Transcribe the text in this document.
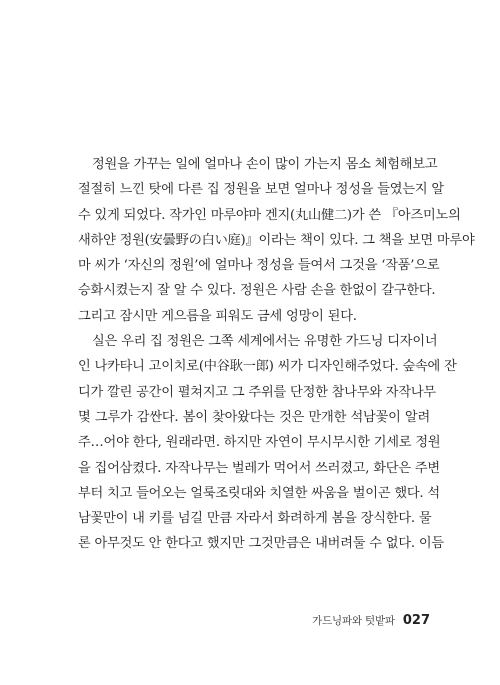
정원을 가꾸는 일에 얼마나 손이 많이 가는지 몸소 체험해보고
절절히 느낀 탓에 다른 집 정원을 보면 얼마나 정성을 들였는지 알
수 있게 되었다. 작가인 마루야마 겐지(丸山健二)가 쓴 『아즈미노의
새하얀 정원(安曇野の白い庭)』이라는 책이 있다. 그 책을 보면 마루야
마 씨가 ‘자신의 정원’에 얼마나 정성을 들여서 그것을 ‘작품’으로
승화시켰는지 잘 알 수 있다. 정원은 사람 손을 한없이 갈구한다.
그리고 잠시만 게으름을 피워도 금세 엉망이 된다.
실은 우리 집 정원은 그쪽 세계에서는 유명한 가드닝 디자이너
인 나카타니 고이치로(中谷耿一郎) 씨가 디자인해주었다. 숲속에 잔
디가 깔린 공간이 펼쳐지고 그 주위를 단정한 참나무와 자작나무
몇 그루가 감싼다. 봄이 찾아왔다는 것은 만개한 석남꽃이 알려
주…어야 한다, 원래라면. 하지만 자연이 무시무시한 기세로 정원
을 집어삼켰다. 자작나무는 벌레가 먹어서 쓰러졌고, 화단은 주변
부터 치고 들어오는 얼룩조릿대와 치열한 싸움을 벌이곤 했다. 석
남꽃만이 내 키를 넘길 만큼 자라서 화려하게 봄을 장식한다. 물
론 아무것도 안 한다고 했지만 그것만큼은 내버려둘 수 없다. 이듬
가드닝파와 텃밭파 027
